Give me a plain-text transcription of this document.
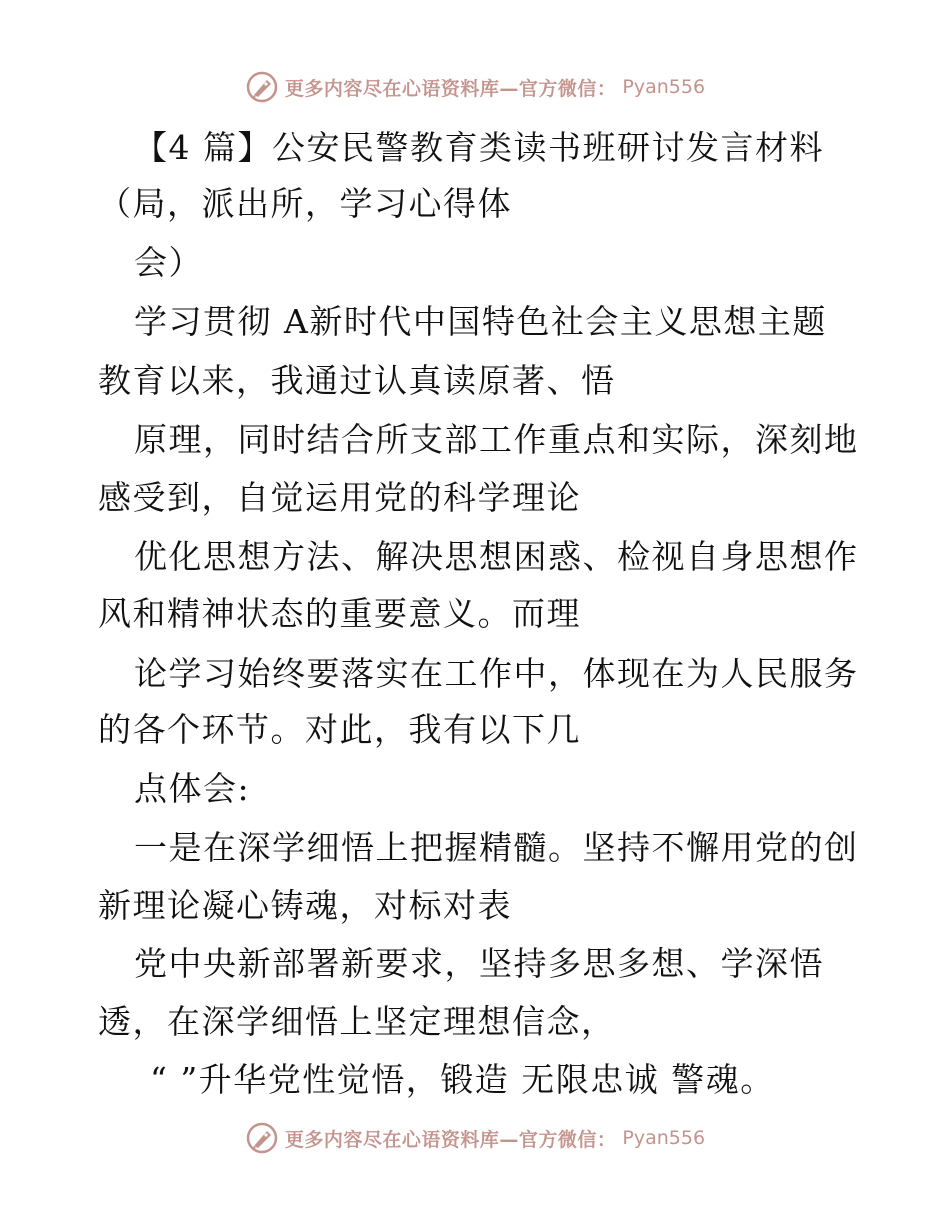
更多内容尽在心语资料库—官方微信： Pyan556
【4 篇】公安民警教育类读书班研讨发言材料
（局，派出所，学习心得体
会）
学习贯彻 A新时代中国特色社会主义思想主题
教育以来，我通过认真读原著、悟
原理，同时结合所支部工作重点和实际，深刻地
感受到，自觉运用党的科学理论
优化思想方法、解决思想困惑、检视自身思想作
风和精神状态的重要意义。而理
论学习始终要落实在工作中，体现在为人民服务
的各个环节。对此，我有以下几
点体会:
一是在深学细悟上把握精髓。坚持不懈用党的创
新理论凝心铸魂，对标对表
党中央新部署新要求，坚持多思多想、学深悟
透，在深学细悟上坚定理想信念，
“ ”升华党性觉悟，锻造 无限忠诚 警魂。
更多内容尽在心语资料库—官方微信： Pyan556
